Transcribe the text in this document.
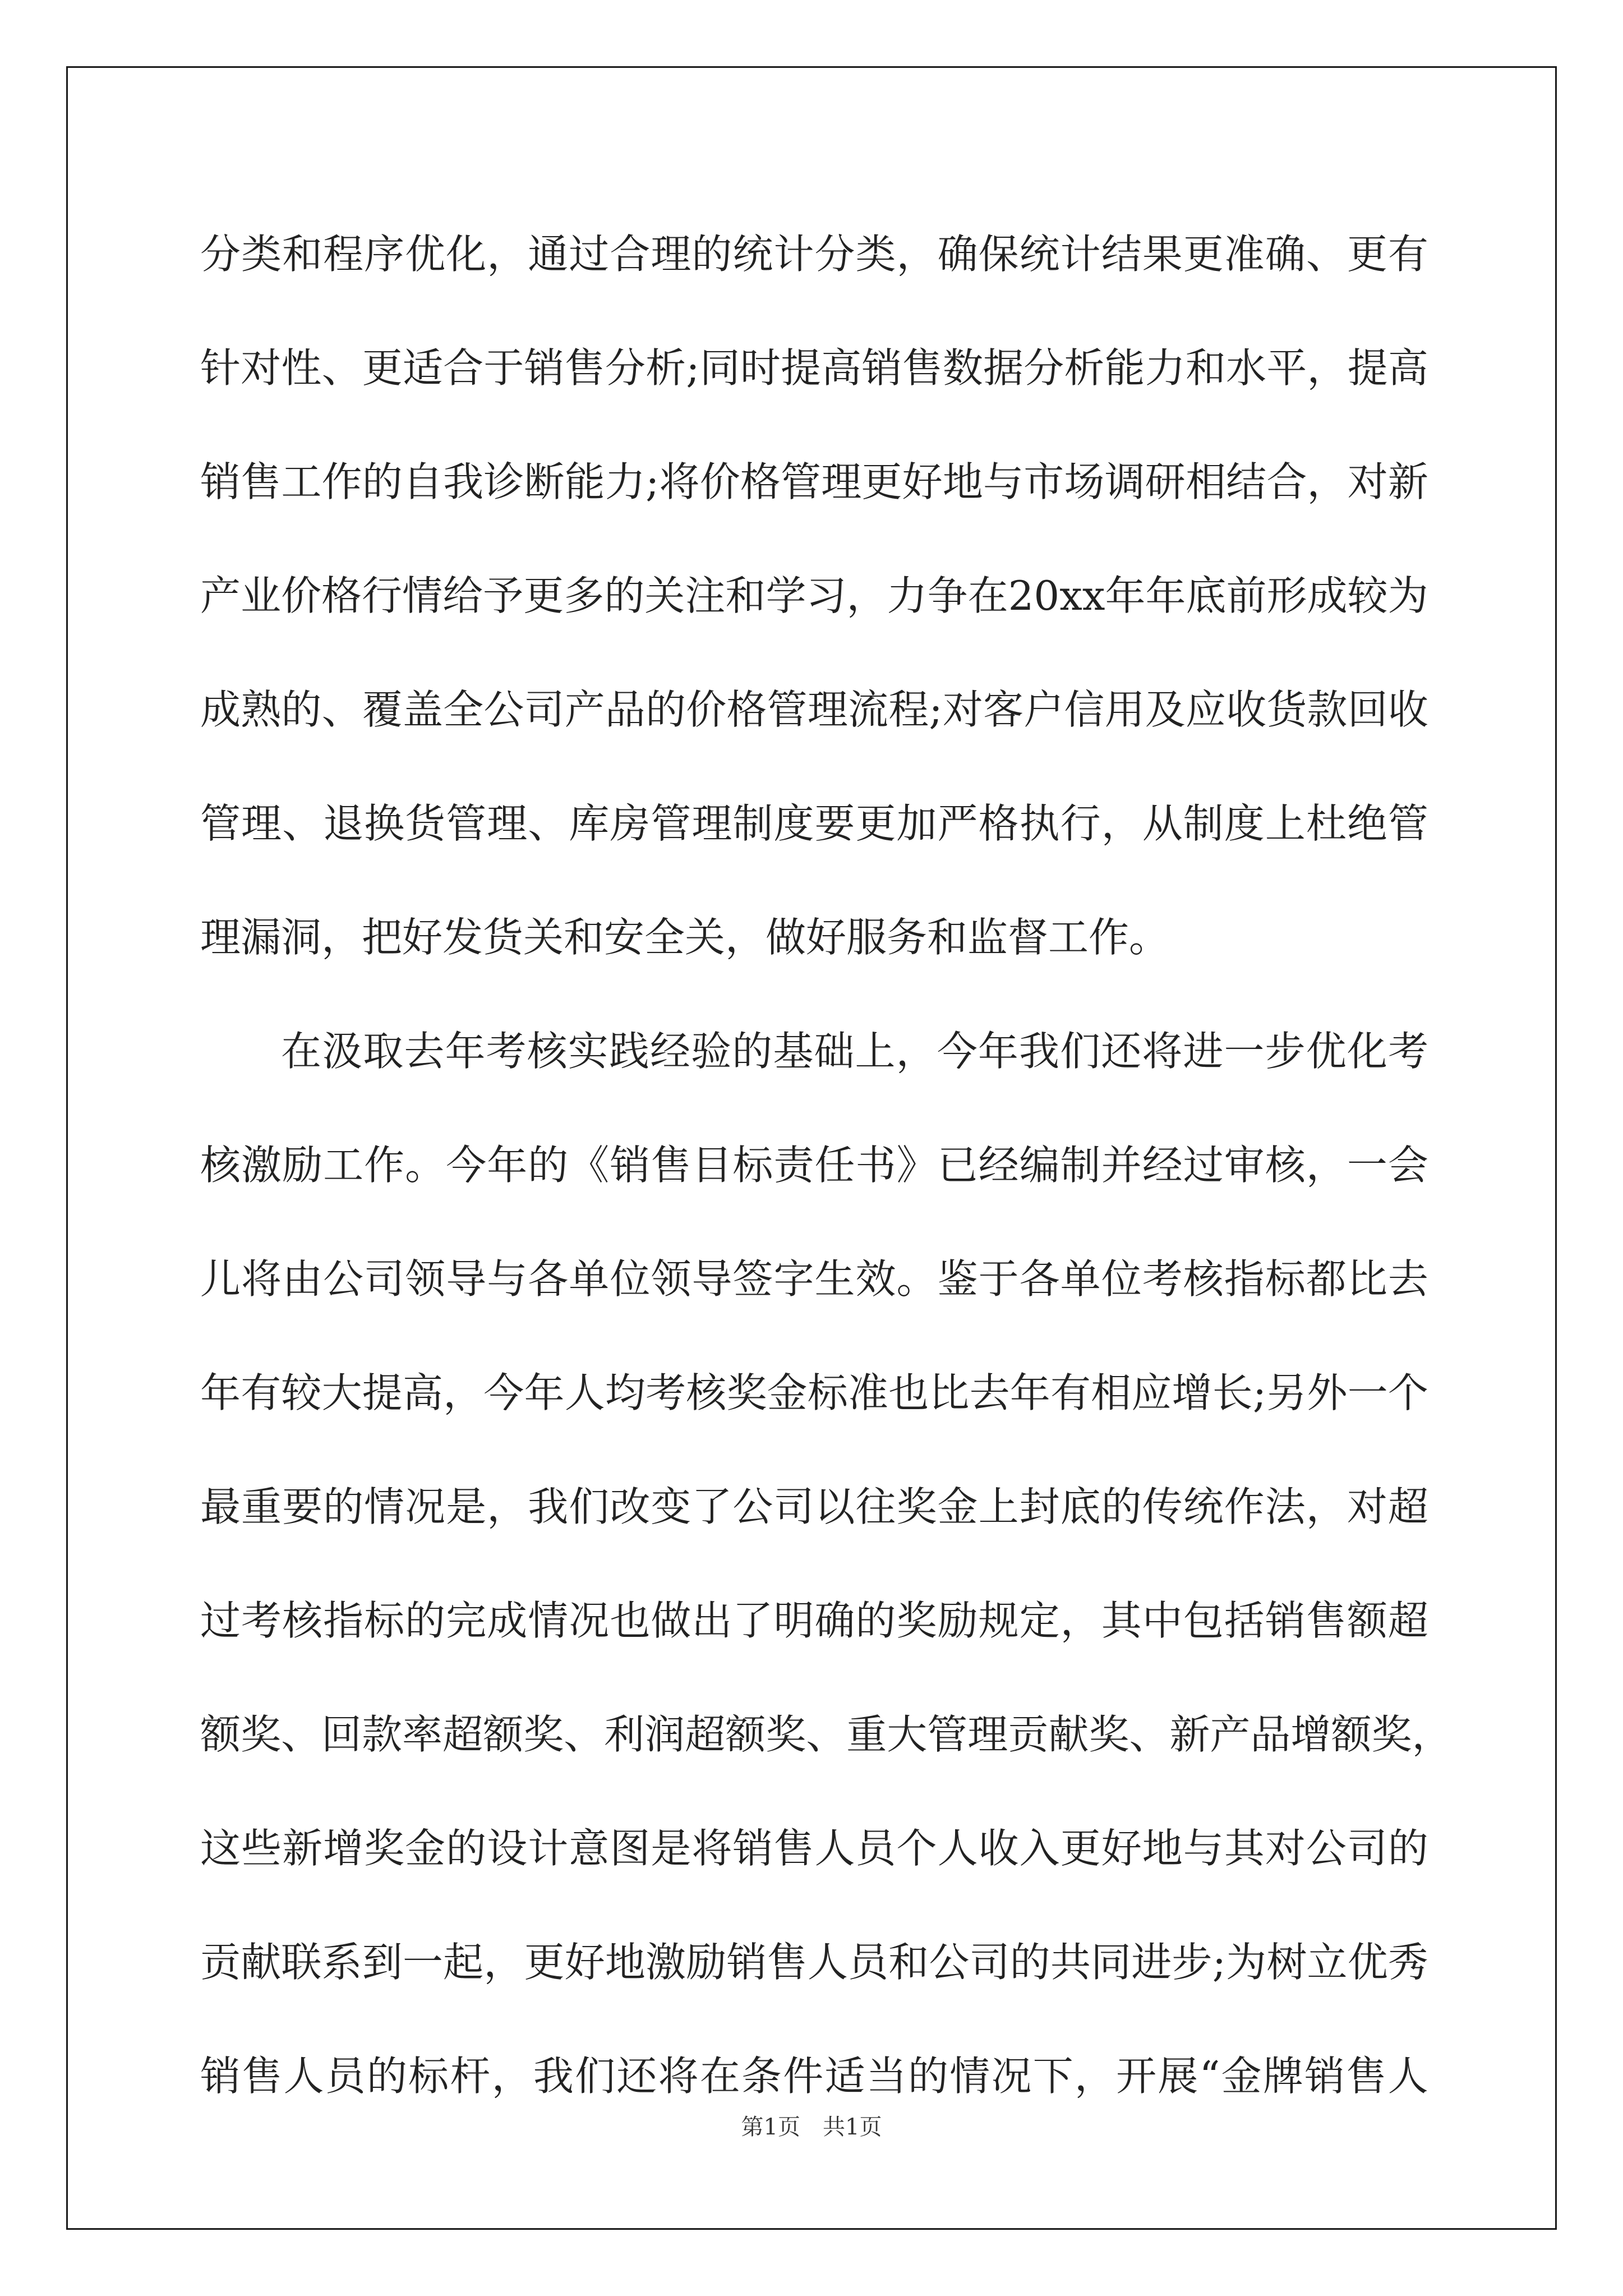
分 类 和 程 序 优 化 ， 通 过 合 理 的 统 计 分 类 ， 确 保 统 计 结 果 更 准 确 、 更 有
针 对 性 、 更 适 合 于 销 售 分 析 ; 同 时 提 高 销 售 数 据 分 析 能 力 和 水 平 ， 提 高
销 售 工 作 的 自 我 诊 断 能 力 ; 将 价 格 管 理 更 好 地 与 市 场 调 研 相 结 合 ， 对 新
产 业 价 格 行 情 给 予 更 多 的 关 注 和 学 习 ， 力 争 在 20xx 年 年 底 前 形 成 较 为
成 熟 的 、 覆 盖 全 公 司 产 品 的 价 格 管 理 流 程 ; 对 客 户 信 用 及 应 收 货 款 回 收
管 理 、 退 换 货 管 理 、 库 房 管 理 制 度 要 更 加 严 格 执 行 ， 从 制 度 上 杜 绝 管
理漏洞，把好发货关和安全关，做好服务和监督工作。
在 汲 取 去 年 考 核 实 践 经 验 的 基 础 上 ， 今 年 我 们 还 将 进 一 步 优 化 考
核 激 励 工 作 。 今 年 的 《 销 售 目 标 责 任 书 》 已 经 编 制 并 经 过 审 核 ， 一 会
儿 将 由 公 司 领 导 与 各 单 位 领 导 签 字 生 效 。 鉴 于 各 单 位 考 核 指 标 都 比 去
年 有 较 大 提 高 ， 今 年 人 均 考 核 奖 金 标 准 也 比 去 年 有 相 应 增 长 ; 另 外 一 个
最 重 要 的 情 况 是 ， 我 们 改 变 了 公 司 以 往 奖 金 上 封 底 的 传 统 作 法 ， 对 超
过 考 核 指 标 的 完 成 情 况 也 做 出 了 明 确 的 奖 励 规 定 ， 其 中 包 括 销 售 额 超
额 奖 、 回 款 率 超 额 奖 、 利 润 超 额 奖 、 重 大 管 理 贡 献 奖 、 新 产 品 增 额 奖 ，
这 些 新 增 奖 金 的 设 计 意 图 是 将 销 售 人 员 个 人 收 入 更 好 地 与 其 对 公 司 的
贡 献 联 系 到 一 起 ， 更 好 地 激 励 销 售 人 员 和 公 司 的 共 同 进 步 ; 为 树 立 优 秀
销 售 人 员 的 标 杆 ， 我 们 还 将 在 条 件 适 当 的 情 况 下 ， 开 展 “ 金 牌 销 售 人
第1页　共1页
